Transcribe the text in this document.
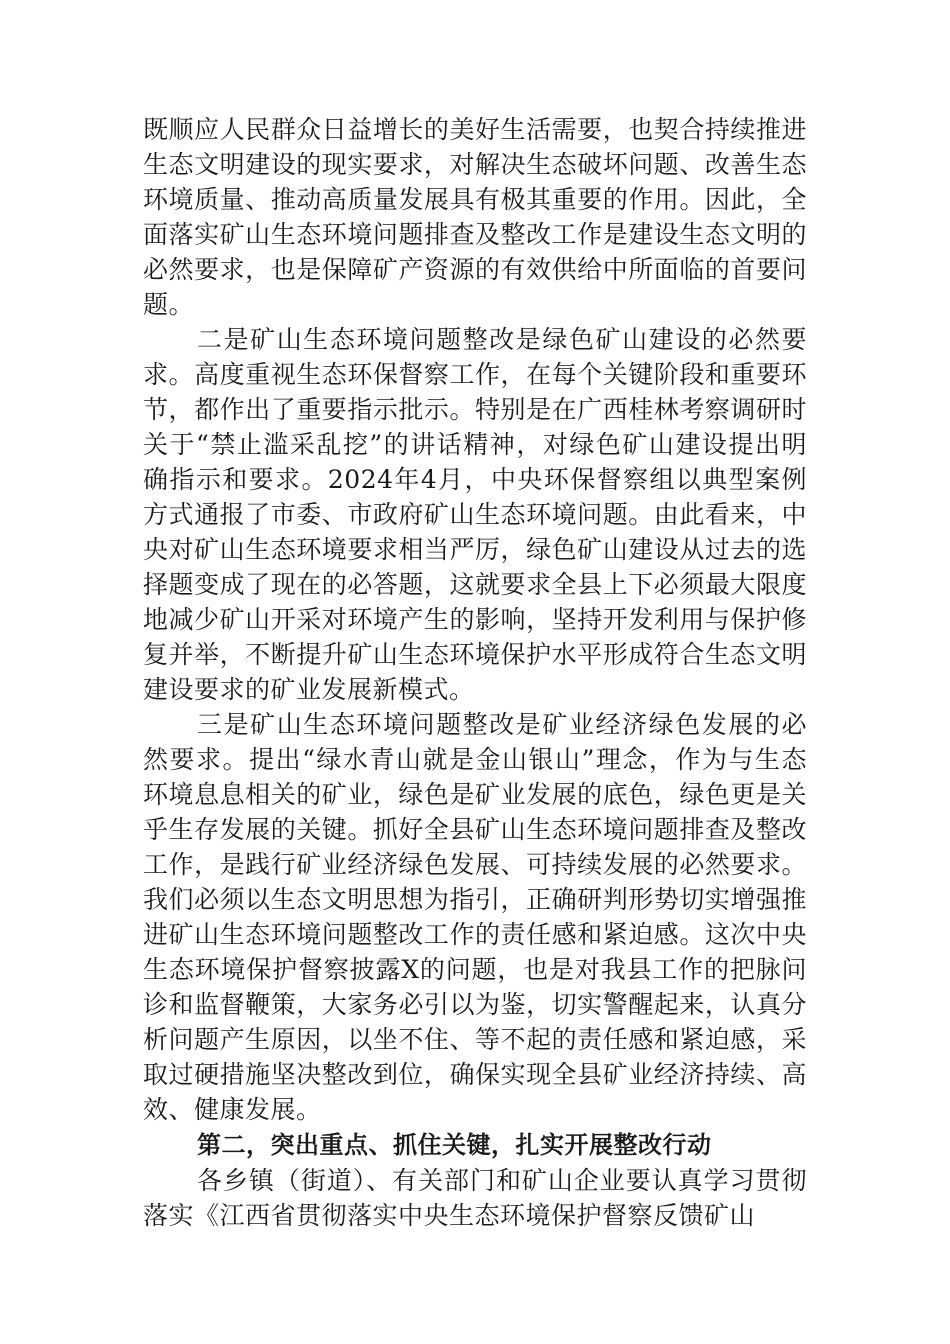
既顺应人民群众日益增长的美好生活需要，也契合持续推进生态文明建设的现实要求，对解决生态破坏问题、改善生态环境质量、推动高质量发展具有极其重要的作用。因此，全面落实矿山生态环境问题排查及整改工作是建设生态文明的必然要求，也是保障矿产资源的有效供给中所面临的首要问题。

二是矿山生态环境问题整改是绿色矿山建设的必然要求。高度重视生态环保督察工作，在每个关键阶段和重要环节，都作出了重要指示批示。特别是在广西桂林考察调研时关于“禁止滥采乱挖”的讲话精神，对绿色矿山建设提出明确指示和要求。2024年4月，中央环保督察组以典型案例方式通报了市委、市政府矿山生态环境问题。由此看来，中央对矿山生态环境要求相当严厉，绿色矿山建设从过去的选择题变成了现在的必答题，这就要求全县上下必须最大限度地减少矿山开采对环境产生的影响，坚持开发利用与保护修复并举，不断提升矿山生态环境保护水平形成符合生态文明建设要求的矿业发展新模式。

三是矿山生态环境问题整改是矿业经济绿色发展的必然要求。提出“绿水青山就是金山银山”理念，作为与生态环境息息相关的矿业，绿色是矿业发展的底色，绿色更是关乎生存发展的关键。抓好全县矿山生态环境问题排查及整改工作，是践行矿业经济绿色发展、可持续发展的必然要求。我们必须以生态文明思想为指引，正确研判形势切实增强推进矿山生态环境问题整改工作的责任感和紧迫感。这次中央生态环境保护督察披露X的问题，也是对我县工作的把脉问诊和监督鞭策，大家务必引以为鉴，切实警醒起来，认真分析问题产生原因，以坐不住、等不起的责任感和紧迫感，采取过硬措施坚决整改到位，确保实现全县矿业经济持续、高效、健康发展。

第二，突出重点、抓住关键，扎实开展整改行动

各乡镇（街道）、有关部门和矿山企业要认真学习贯彻落实《江西省贯彻落实中央生态环境保护督察反馈矿山
